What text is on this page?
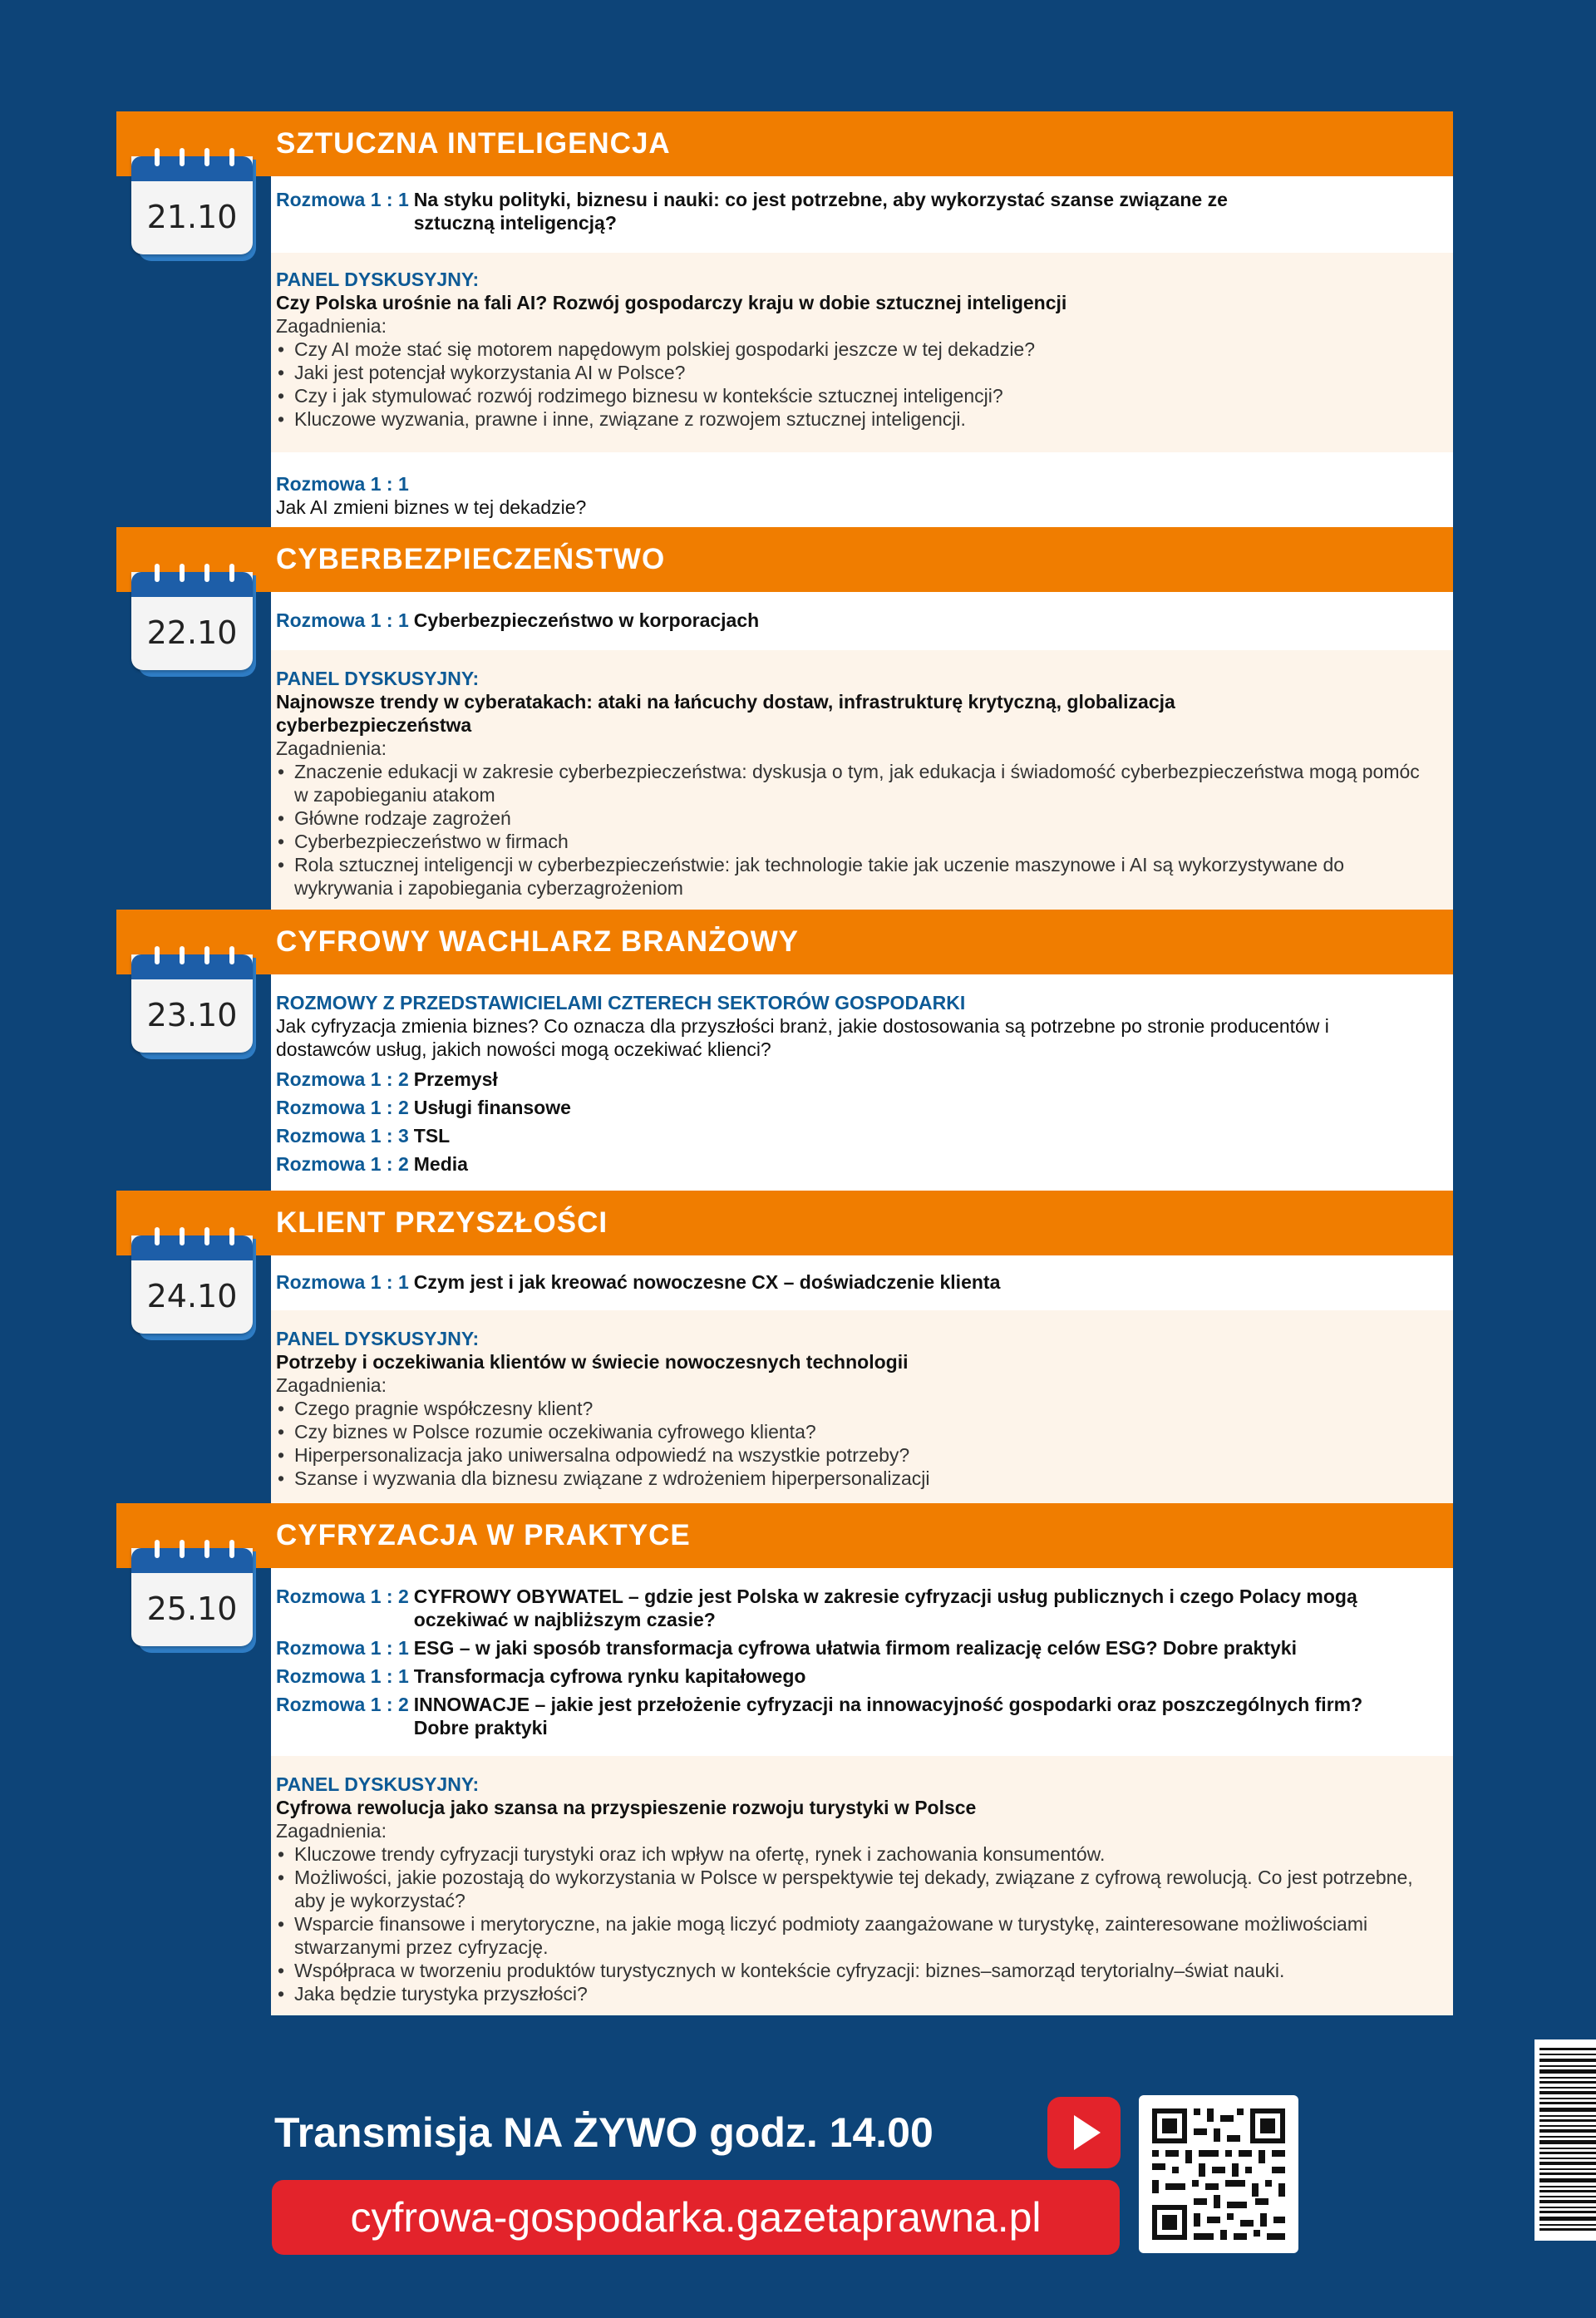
SZTUCZNA INTELIGENCJA
Rozmowa 1 : 1 Na styku polityki, biznesu i nauki: co jest potrzebne, aby wykorzystać szanse związane ze sztuczną inteligencją?
PANEL DYSKUSYJNY:
Czy Polska urośnie na fali AI? Rozwój gospodarczy kraju w dobie sztucznej inteligencji
Zagadnienia:
• Czy AI może stać się motorem napędowym polskiej gospodarki jeszcze w tej dekadzie?
• Jaki jest potencjał wykorzystania AI w Polsce?
• Czy i jak stymulować rozwój rodzimego biznesu w kontekście sztucznej inteligencji?
• Kluczowe wyzwania, prawne i inne, związane z rozwojem sztucznej inteligencji.
Rozmowa 1 : 1
Jak AI zmieni biznes w tej dekadzie?
21.10
CYBERBEZPIECZEŃSTWO
Rozmowa 1 : 1 Cyberbezpieczeństwo w korporacjach
PANEL DYSKUSYJNY:
Najnowsze trendy w cyberatakach: ataki na łańcuchy dostaw, infrastrukturę krytyczną, globalizacja cyberbezpieczeństwa
Zagadnienia:
• Znaczenie edukacji w zakresie cyberbezpieczeństwa: dyskusja o tym, jak edukacja i świadomość cyberbezpieczeństwa mogą pomóc w zapobieganiu atakom
• Główne rodzaje zagrożeń
• Cyberbezpieczeństwo w firmach
• Rola sztucznej inteligencji w cyberbezpieczeństwie: jak technologie takie jak uczenie maszynowe i AI są wykorzystywane do wykrywania i zapobiegania cyberzagrożeniom
22.10
CYFROWY WACHLARZ BRANŻOWY
ROZMOWY Z PRZEDSTAWICIELAMI CZTERECH SEKTORÓW GOSPODARKI
Jak cyfryzacja zmienia biznes? Co oznacza dla przyszłości branż, jakie dostosowania są potrzebne po stronie producentów i dostawców usług, jakich nowości mogą oczekiwać klienci?
Rozmowa 1 : 2 Przemysł
Rozmowa 1 : 2 Usługi finansowe
Rozmowa 1 : 3 TSL
Rozmowa 1 : 2 Media
23.10
KLIENT PRZYSZŁOŚCI
Rozmowa 1 : 1 Czym jest i jak kreować nowoczesne CX – doświadczenie klienta
PANEL DYSKUSYJNY:
Potrzeby i oczekiwania klientów w świecie nowoczesnych technologii
Zagadnienia:
• Czego pragnie współczesny klient?
• Czy biznes w Polsce rozumie oczekiwania cyfrowego klienta?
• Hiperpersonalizacja jako uniwersalna odpowiedź na wszystkie potrzeby?
• Szanse i wyzwania dla biznesu związane z wdrożeniem hiperpersonalizacji
24.10
CYFRYZACJA W PRAKTYCE
Rozmowa 1 : 2 CYFROWY OBYWATEL – gdzie jest Polska w zakresie cyfryzacji usług publicznych i czego Polacy mogą oczekiwać w najbliższym czasie?
Rozmowa 1 : 1 ESG – w jaki sposób transformacja cyfrowa ułatwia firmom realizację celów ESG? Dobre praktyki
Rozmowa 1 : 1 Transformacja cyfrowa rynku kapitałowego
Rozmowa 1 : 2 INNOWACJE – jakie jest przełożenie cyfryzacji na innowacyjność gospodarki oraz poszczególnych firm? Dobre praktyki
PANEL DYSKUSYJNY:
Cyfrowa rewolucja jako szansa na przyspieszenie rozwoju turystyki w Polsce
Zagadnienia:
• Kluczowe trendy cyfryzacji turystyki oraz ich wpływ na ofertę, rynek i zachowania konsumentów.
• Możliwości, jakie pozostają do wykorzystania w Polsce w perspektywie tej dekady, związane z cyfrową rewolucją. Co jest potrzebne, aby je wykorzystać?
• Wsparcie finansowe i merytoryczne, na jakie mogą liczyć podmioty zaangażowane w turystykę, zainteresowane możliwościami stwarzanymi przez cyfryzację.
• Współpraca w tworzeniu produktów turystycznych w kontekście cyfryzacji: biznes–samorząd terytorialny–świat nauki.
• Jaka będzie turystyka przyszłości?
25.10
Transmisja NA ŻYWO godz. 14.00
cyfrowa-gospodarka.gazetaprawna.pl
